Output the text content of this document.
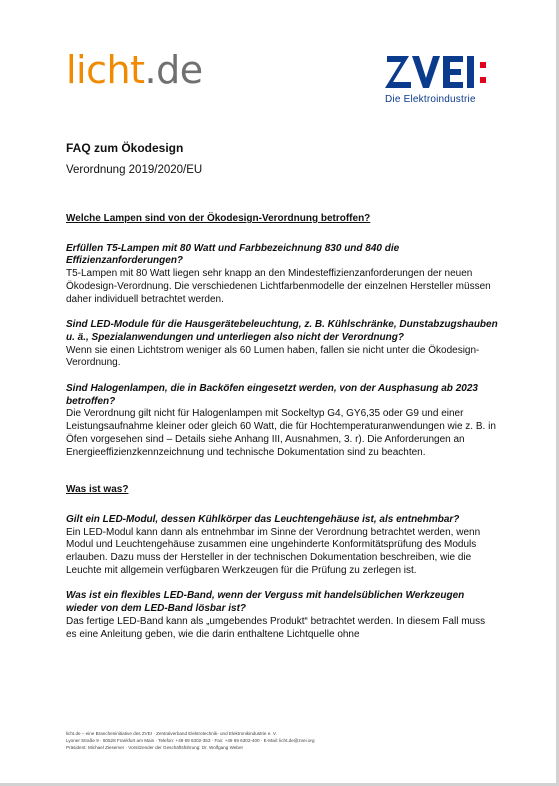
licht.de
Die Elektroindustrie
FAQ zum Ökodesign
Verordnung 2019/2020/EU
Welche Lampen sind von der Ökodesign-Verordnung betroffen?
Erfüllen T5-Lampen mit 80 Watt und Farbbezeichnung 830 und 840 die Effizienzanforderungen?
T5-Lampen mit 80 Watt liegen sehr knapp an den Mindesteffizienzanforderungen der neuen Ökodesign-Verordnung. Die verschiedenen Lichtfarbenmodelle der einzelnen Hersteller müssen daher individuell betrachtet werden.
Sind LED-Module für die Hausgerätebeleuchtung, z. B. Kühlschränke, Dunstabzugshauben u. ä., Spezialanwendungen und unterliegen also nicht der Verordnung?
Wenn sie einen Lichtstrom weniger als 60 Lumen haben, fallen sie nicht unter die Ökodesign-Verordnung.
Sind Halogenlampen, die in Backöfen eingesetzt werden, von der Ausphasung ab 2023 betroffen?
Die Verordnung gilt nicht für Halogenlampen mit Sockeltyp G4, GY6,35 oder G9 und einer Leistungsaufnahme kleiner oder gleich 60 Watt, die für Hochtemperaturanwendungen wie z. B. in Öfen vorgesehen sind – Details siehe Anhang III, Ausnahmen, 3. r). Die Anforderungen an Energieeffizienzkennzeichnung und technische Dokumentation sind zu beachten.
Was ist was?
Gilt ein LED-Modul, dessen Kühlkörper das Leuchtengehäuse ist, als entnehmbar?
Ein LED-Modul kann dann als entnehmbar im Sinne der Verordnung betrachtet werden, wenn Modul und Leuchtengehäuse zusammen eine ungehinderte Konformitätsprüfung des Moduls erlauben. Dazu muss der Hersteller in der technischen Dokumentation beschreiben, wie die Leuchte mit allgemein verfügbaren Werkzeugen für die Prüfung zu zerlegen ist.
Was ist ein flexibles LED-Band, wenn der Verguss mit handelsüblichen Werkzeugen wieder von dem LED-Band lösbar ist?
Das fertige LED-Band kann als „umgebendes Produkt“ betrachtet werden. In diesem Fall muss es eine Anleitung geben, wie die darin enthaltene Lichtquelle ohne
licht.de – eine Brancheninitiative des ZVEI · Zentralverband Elektrotechnik- und Elektronikindustrie e. V.
Lyoner Straße 9 · 60528 Frankfurt am Main · Telefon: +49 69 6302-353 · Fax: +49 69 6302-400 · E-Mail: licht.de@zvei.org
Präsident: Michael Ziesemer · Vorsitzender der Geschäftsführung: Dr. Wolfgang Weber
